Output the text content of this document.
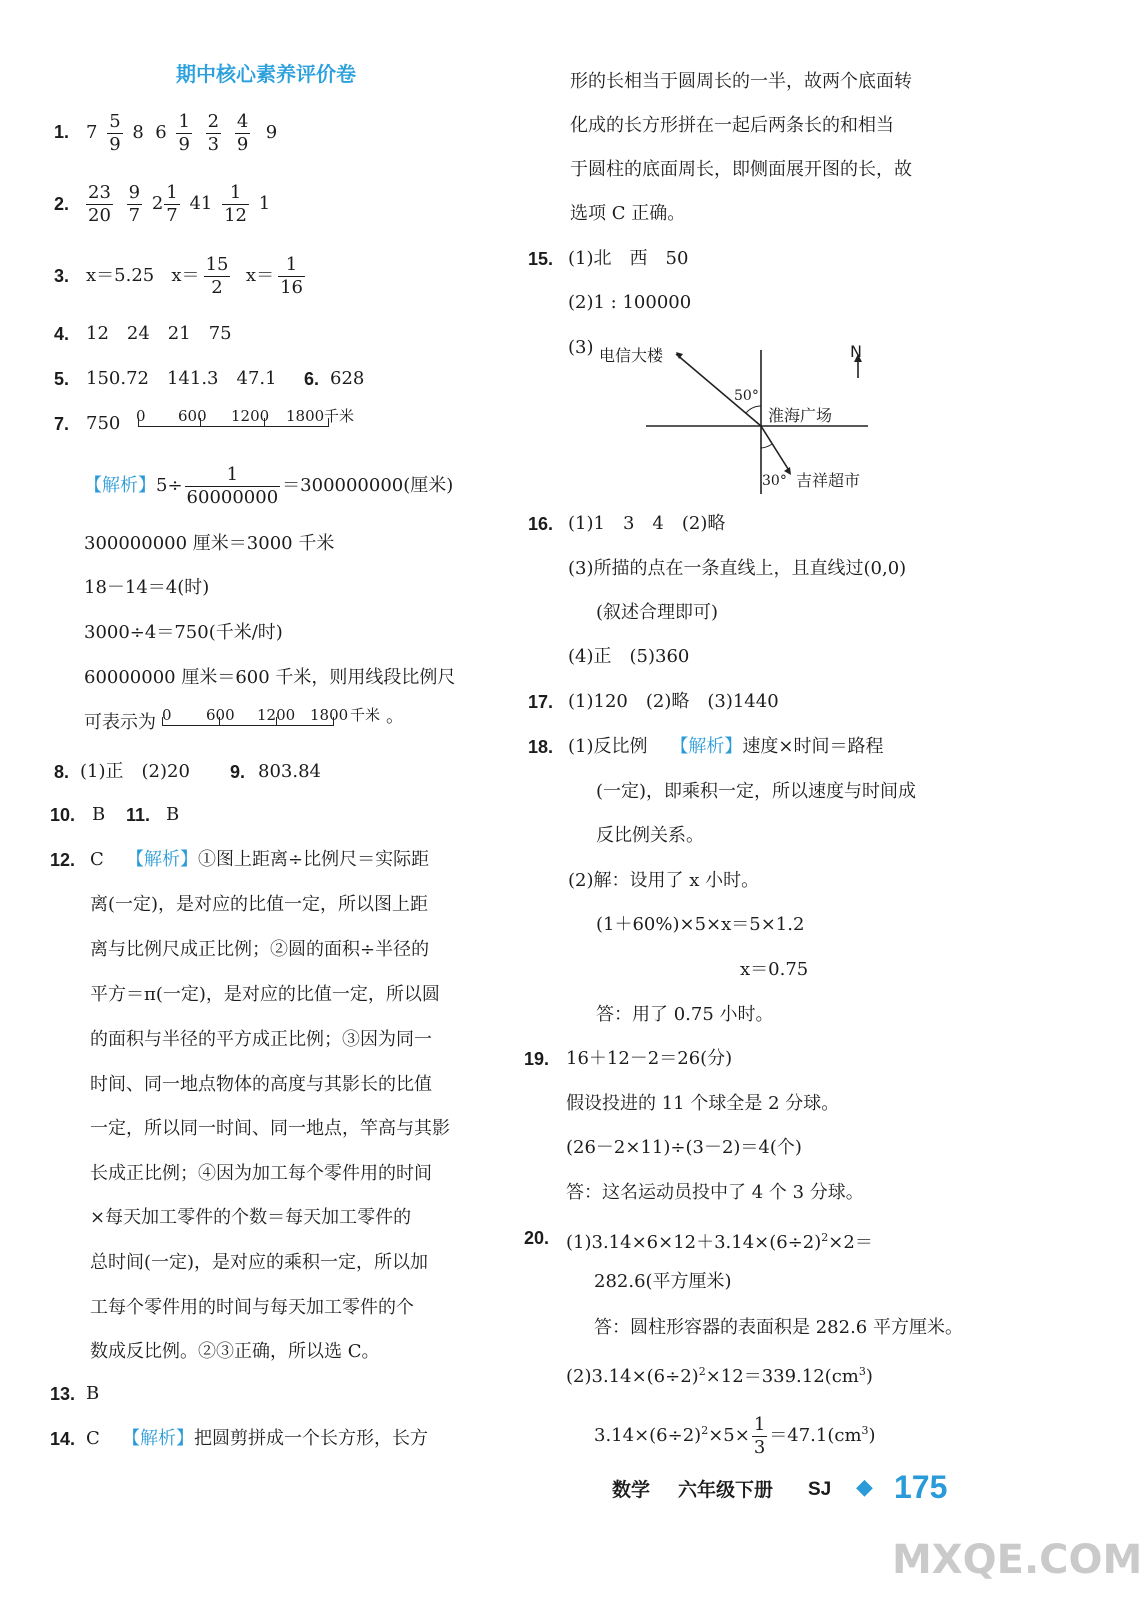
期中核心素养评价卷
1. $7 \frac{5}{9} 8$ $6 \frac{1}{9}$
$\frac{2}{3}$
$\frac{4}{9} 9$
2. $\frac{23}{20}$
$\frac{9}{7} 2 \frac{1}{7} 41 \frac{1}{12} 1$
3. x＝5.25 $x= \frac{15}{2} x= \frac{1}{16}$
4. 12　24　21　75
5. 150.72　141.3　47.1 6. 628
7. 750 0 600 1200 1800 千米
【解析】$5\div \frac{1}{60000000} =300000000$(厘米)
300000000 厘米＝3000 千米
18－14＝4(时)
3000÷4＝750(千米/时)
60000000 厘米＝600 千米，则用线段比例尺
可表示为 0 600 1200 1800 千米 。
8. (1)正　(2)20 9. 803.84
10. B 11. B
12. C 【解析】①图上距离÷比例尺＝实际距
离(一定)，是对应的比值一定，所以图上距
离与比例尺成正比例；②圆的面积÷半径的
平方＝π(一定)，是对应的比值一定，所以圆
的面积与半径的平方成正比例；③因为同一
时间、同一地点物体的高度与其影长的比值
一定，所以同一时间、同一地点，竿高与其影
长成正比例；④因为加工每个零件用的时间
×每天加工零件的个数＝每天加工零件的
总时间(一定)，是对应的乘积一定，所以加
工每个零件用的时间与每天加工零件的个
数成反比例。②③正确，所以选 C。
13. B
14. C 【解析】把圆剪拼成一个长方形，长方
形的长相当于圆周长的一半，故两个底面转
化成的长方形拼在一起后两条长的和相当
于圆柱的底面周长，即侧面展开图的长，故
选项 C 正确。
15. (1)北　西　50
(2)1 : 100000
(3) 电信大楼
50°
淮海广场
30° 吉祥超市
N
16. (1)1　3　4　(2)略
(3)所描的点在一条直线上，且直线过(0,0)
(叙述合理即可)
(4)正　(5)360
17. (1)120　(2)略　(3)1440
18. (1)反比例 【解析】速度×时间＝路程
(一定)，即乘积一定，所以速度与时间成
反比例关系。
(2)解：设用了 x 小时。
(1＋60%)×5×x＝5×1.2
x＝0.75
答：用了 0.75 小时。
19. 16＋12－2＝26(分)
假设投进的 11 个球全是 2 分球。
(26－2×11)÷(3－2)＝4(个)
答：这名运动员投中了 4 个 3 分球。
20. $(1)3.14\times 6\times 12+3.14\times(6\div 2)^2\times 2=$
282.6(平方厘米)
答：圆柱形容器的表面积是 282.6 平方厘米。
$(2)3.14\times(6\div 2)^2\times 12=339.12(cm^3)$
$3.14\times(6\div 2)^2\times 5\times \frac{1}{3} =47.1(cm^3)$
数学 六年级下册 SJ ◆ 175
MXQE.COM
